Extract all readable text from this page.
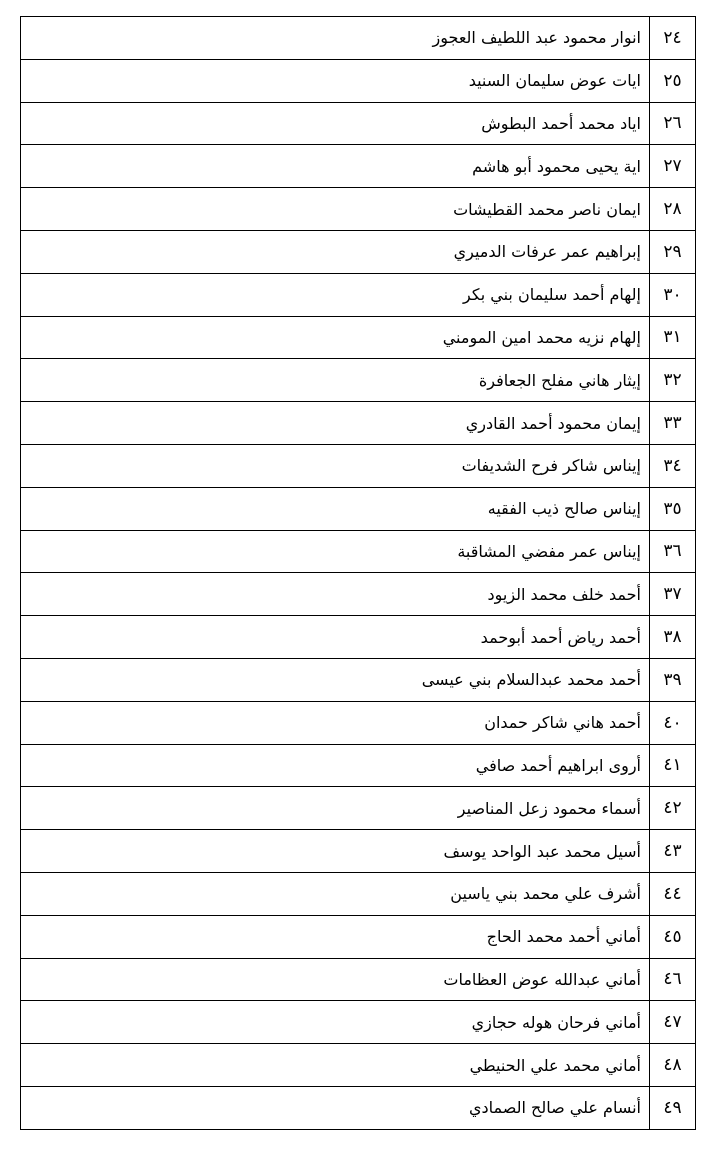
٢٤	انوار محمود عبد اللطيف العجوز
٢٥	ايات عوض سليمان السنيد
٢٦	اياد محمد أحمد البطوش
٢٧	اية يحيى محمود أبو هاشم
٢٨	ايمان ناصر محمد القطيشات
٢٩	إبراهيم عمر عرفات الدميري
٣٠	إلهام أحمد سليمان بني بكر
٣١	إلهام نزيه محمد امين المومني
٣٢	إيثار هاني مفلح الجعافرة
٣٣	إيمان محمود أحمد القادري
٣٤	إيناس شاكر فرح الشديفات
٣٥	إيناس صالح ذيب الفقيه
٣٦	إيناس عمر مفضي المشاقبة
٣٧	أحمد خلف محمد الزيود
٣٨	أحمد رياض أحمد أبوحمد
٣٩	أحمد محمد عبدالسلام بني عيسى
٤٠	أحمد هاني شاكر حمدان
٤١	أروى ابراهيم أحمد صافي
٤٢	أسماء محمود زعل المناصير
٤٣	أسيل محمد عبد الواحد يوسف
٤٤	أشرف علي محمد بني ياسين
٤٥	أماني أحمد محمد الحاج
٤٦	أماني عبدالله عوض العظامات
٤٧	أماني فرحان هوله حجازي
٤٨	أماني محمد علي الحنيطي
٤٩	أنسام علي صالح الصمادي
